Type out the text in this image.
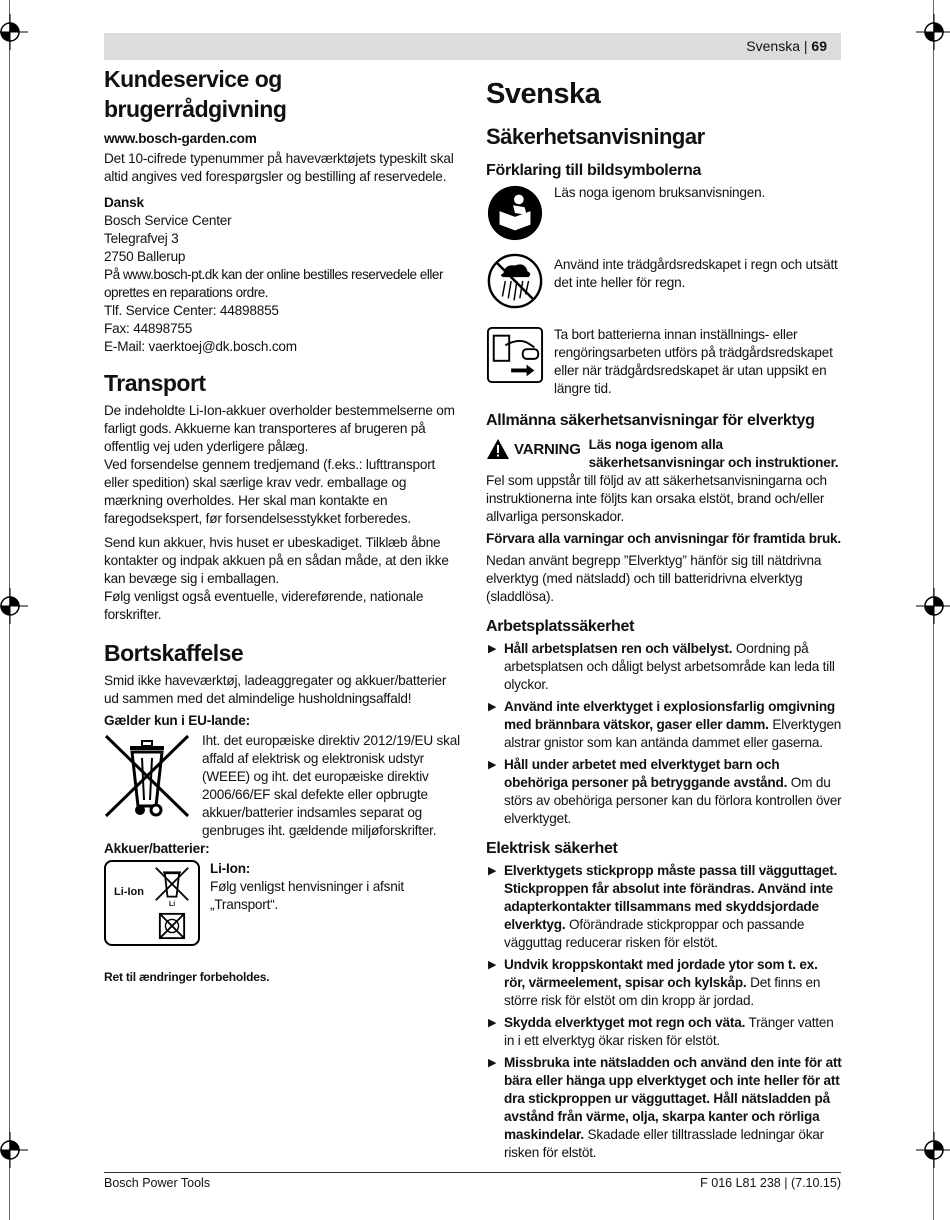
Svenska | 69
Kundeservice og brugerrådgivning

www.bosch-garden.com

Det 10-cifrede typenummer på haveværktøjets typeskilt skal altid angives ved forespørgsler og bestilling af reservedele.

Dansk

Bosch Service Center

Telegrafvej 3

2750 Ballerup

På www.bosch-pt.dk kan der online bestilles reservedele eller oprettes en reparations ordre.

Tlf. Service Center: 44898855

Fax: 44898755

E-Mail: vaerktoej@dk.bosch.com

Transport

De indeholdte Li-Ion-akkuer overholder bestemmelserne om farligt gods. Akkuerne kan transporteres af brugeren på offentlig vej uden yderligere pålæg.

Ved forsendelse gennem tredjemand (f.eks.: lufttransport eller spedition) skal særlige krav vedr. emballage og mærkning overholdes. Her skal man kontakte en faregodsekspert, før forsendelsesstykket forberedes.

Send kun akkuer, hvis huset er ubeskadiget. Tilklæb åbne kontakter og indpak akkuen på en sådan måde, at den ikke kan bevæge sig i emballagen.

Følg venligst også eventuelle, videreførende, nationale forskrifter.

Bortskaffelse

Smid ikke haveværktøj, ladeaggregater og akkuer/batterier ud sammen med det almindelige husholdningsaffald!

Gælder kun i EU-lande:

Iht. det europæiske direktiv 2012/19/EU skal affald af elektrisk og elektronisk udstyr (WEEE) og iht. det europæiske direktiv 2006/66/EF skal defekte eller opbrugte akkuer/batterier indsamles separat og genbruges iht. gældende miljøforskrifter.

Akkuer/batterier:

Li-Ion
Li

Li-Ion:

Følg venligst henvisninger i afsnit „Transport“.

Ret til ændringer forbeholdes.

Svenska
Säkerhetsanvisningar
Förklaring till bildsymbolerna

Läs noga igenom bruksanvisningen.

Använd inte trädgårdsredskapet i regn och utsätt det inte heller för regn.

Ta bort batterierna innan inställnings- eller rengöringsarbeten utförs på trädgårdsredskapet eller när trädgårdsredskapet är utan uppsikt en längre tid.

Allmänna säkerhetsanvisningar för elverktyg
VARNING Läs noga igenom alla säkerhetsanvisningar och instruktioner. Fel som uppstår till följd av att säkerhetsanvisningarna och instruktionerna inte följts kan orsaka elstöt, brand och/eller allvarliga personskador.

Förvara alla varningar och anvisningar för framtida bruk.

Nedan använt begrepp ”Elverktyg” hänför sig till nätdrivna elverktyg (med nätsladd) och till batteridrivna elverktyg (sladdlösa).

Arbetsplatssäkerhet
▶ Håll arbetsplatsen ren och välbelyst. Oordning på arbetsplatsen och dåligt belyst arbetsområde kan leda till olyckor.
▶ Använd inte elverktyget i explosionsfarlig omgivning med brännbara vätskor, gaser eller damm. Elverktygen alstrar gnistor som kan antända dammet eller gaserna.
▶ Håll under arbetet med elverktyget barn och obehöriga personer på betryggande avstånd. Om du störs av obehöriga personer kan du förlora kontrollen över elverktyget.
Elektrisk säkerhet
▶ Elverktygets stickpropp måste passa till vägguttaget. Stickproppen får absolut inte förändras. Använd inte adapterkontakter tillsammans med skyddsjordade elverktyg. Oförändrade stickproppar och passande vägguttag reducerar risken för elstöt.
▶ Undvik kroppskontakt med jordade ytor som t. ex. rör, värmeelement, spisar och kylskåp. Det finns en större risk för elstöt om din kropp är jordad.
▶ Skydda elverktyget mot regn och väta. Tränger vatten in i ett elverktyg ökar risken för elstöt.
▶ Missbruka inte nätsladden och använd den inte för att bära eller hänga upp elverktyget och inte heller för att dra stickproppen ur vägguttaget. Håll nätsladden på avstånd från värme, olja, skarpa kanter och rörliga maskindelar. Skadade eller tilltrasslade ledningar ökar risken för elstöt.
Bosch Power Tools	F 016 L81 238 | (7.10.15)
